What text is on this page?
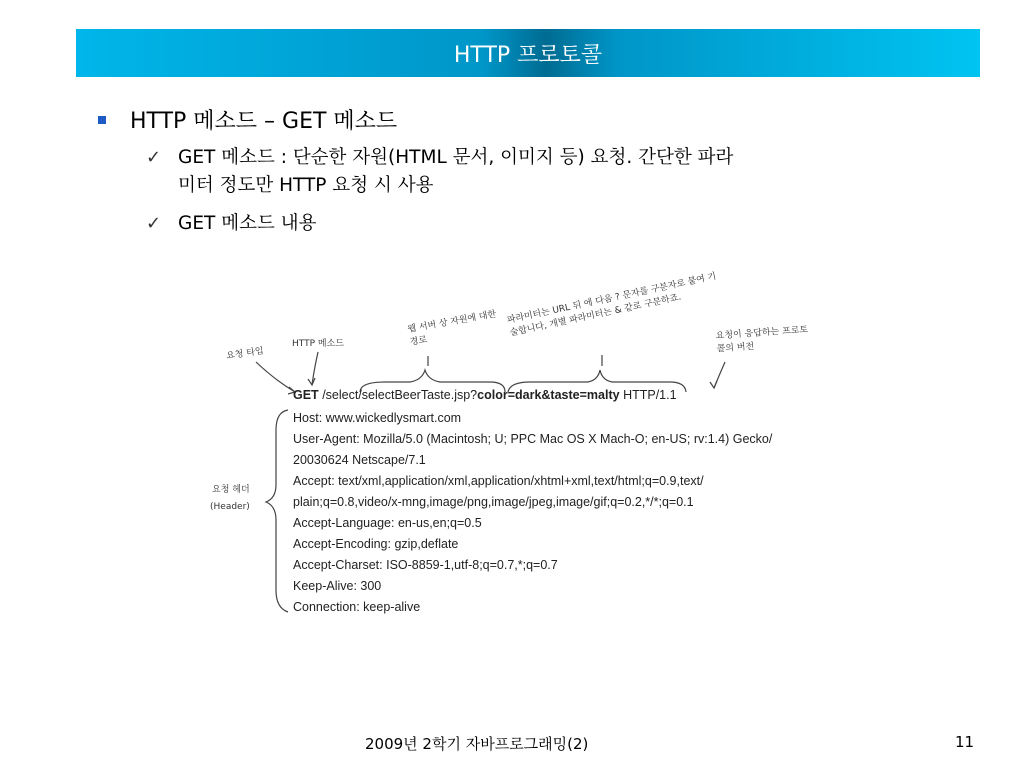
HTTP 프로토콜
HTTP 메소드 – GET 메소드
✓ GET 메소드 : 단순한 자원(HTML 문서, 이미지 등) 요청. 간단한 파라
미터 정도만 HTTP 요청 시 사용
✓ GET 메소드 내용
요청 타입
HTTP 메소드
웹 서버 상 자원에 대한 경로
파라미터는 URL 뒤 에 다음 ? 문자를 구분자로 붙여 기술합니다, 개별 파라미터는 & 같로 구분하죠.	요청이 응답하는 프로토콜의 버전
요청 헤더
(Header)
GET /select/selectBeerTaste.jsp?color=dark&taste=malty HTTP/1.1
Host: www.wickedlysmart.com
User-Agent: Mozilla/5.0 (Macintosh; U; PPC Mac OS X Mach-O; en-US; rv:1.4) Gecko/
20030624 Netscape/7.1
Accept: text/xml,application/xml,application/xhtml+xml,text/html;q=0.9,text/
plain;q=0.8,video/x-mng,image/png,image/jpeg,image/gif;q=0.2,*/*;q=0.1
Accept-Language: en-us,en;q=0.5
Accept-Encoding: gzip,deflate
Accept-Charset: ISO-8859-1,utf-8;q=0.7,*;q=0.7
Keep-Alive: 300
Connection: keep-alive
2009년 2학기 자바프로그래밍(2)	11
